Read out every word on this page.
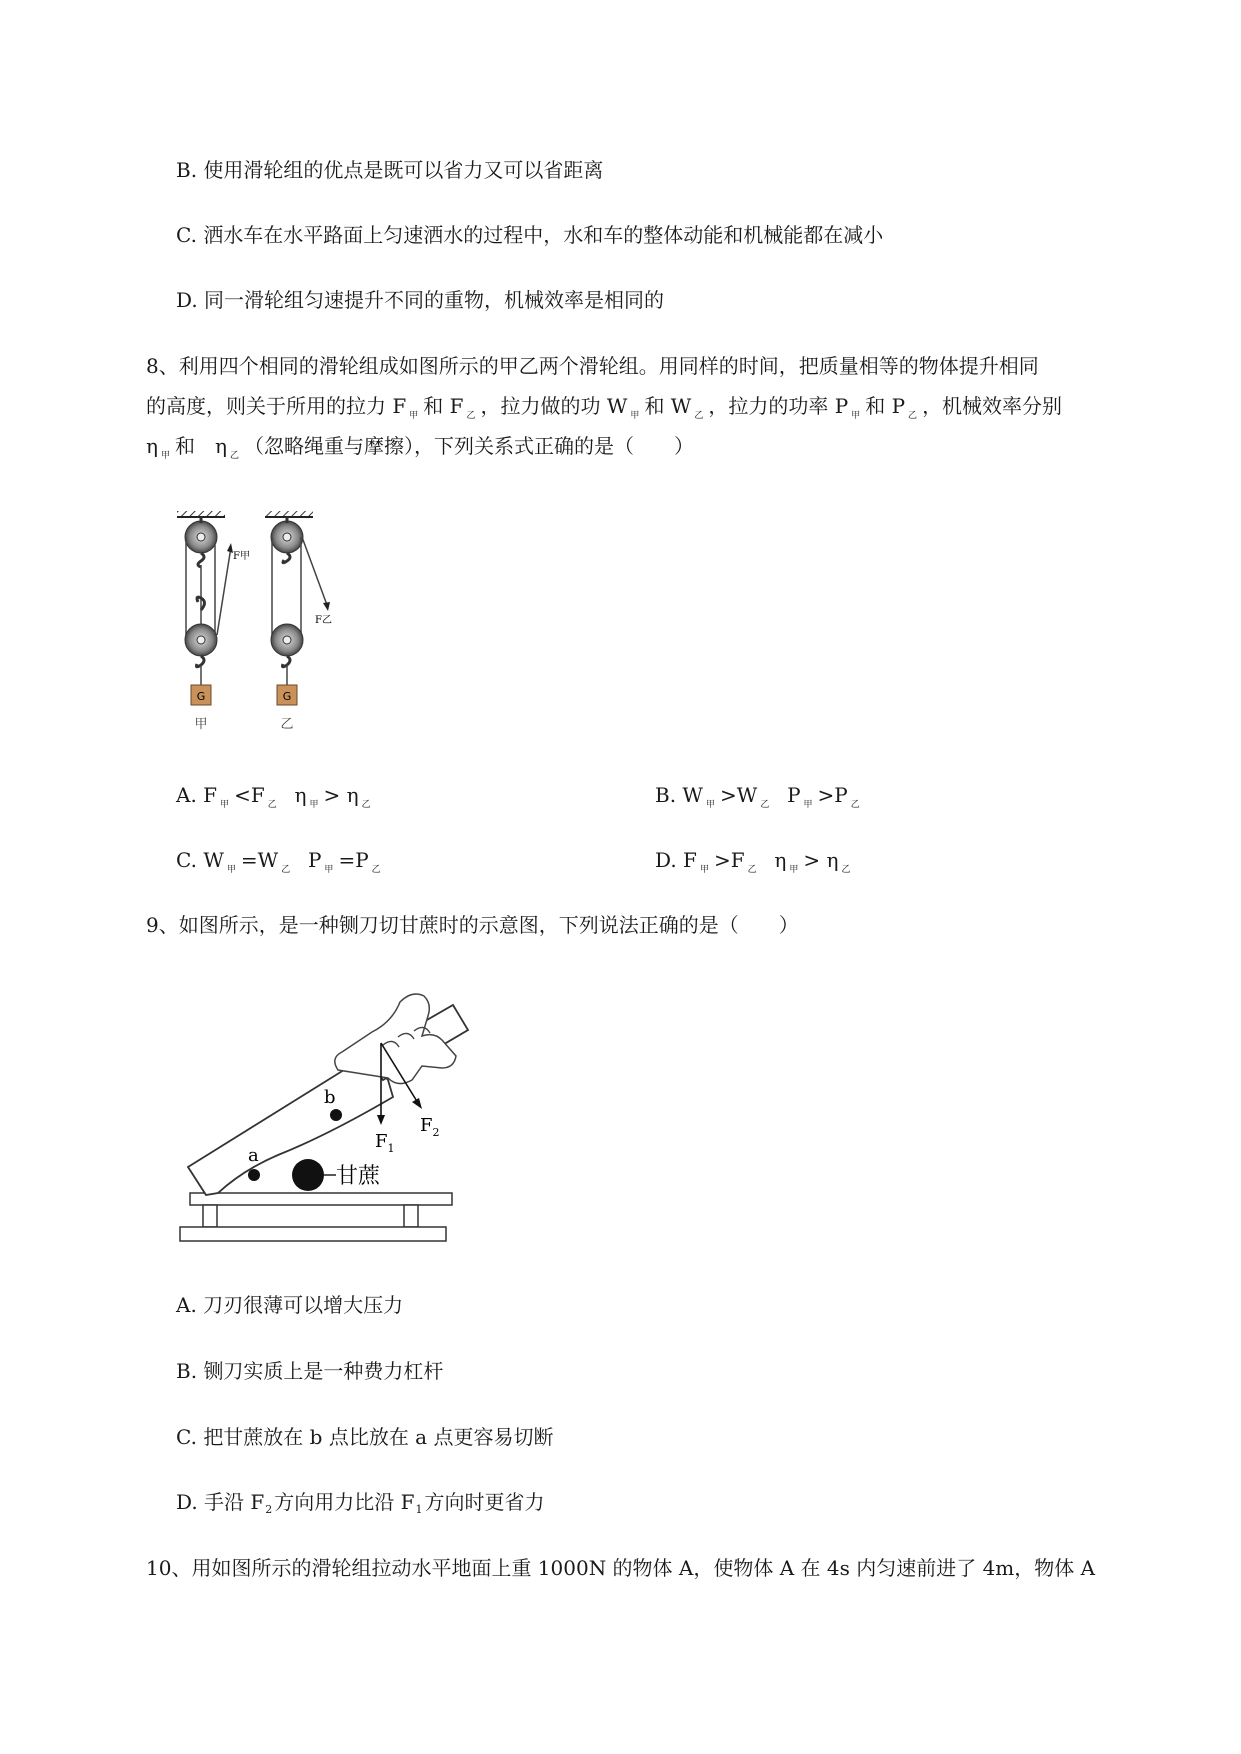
B. 使用滑轮组的优点是既可以省力又可以省距离
C. 洒水车在水平路面上匀速洒水的过程中，水和车的整体动能和机械能都在减小
D. 同一滑轮组匀速提升不同的重物，机械效率是相同的
8、利用四个相同的滑轮组成如图所示的甲乙两个滑轮组。用同样的时间，把质量相等的物体提升相同
的高度，则关于所用的拉力 F $_甲$ 和 F $_乙$ ，拉力做的功 W $_甲$ 和 W $_乙$ ，拉力的功率 P $_甲$ 和 P $_乙$ ，机械效率分别
η $_甲$ 和　η $_乙$ （忽略绳重与摩擦），下列关系式正确的是（　　）
F甲
G
甲
F乙
G
乙
A. F $_甲$ <F $_乙$ η $_甲$ > η $_乙$	B. W $_甲$ >W $_乙$ P $_甲$ >P $_乙$
C. W $_甲$ =W $_乙$ P $_甲$ =P $_乙$	D. F $_甲$ >F $_乙$ η $_甲$ > η $_乙$
9、如图所示，是一种铡刀切甘蔗时的示意图，下列说法正确的是（　　）
a
b
甘蔗
$F_1$
$F_2$
A. 刀刃很薄可以增大压力
B. 铡刀实质上是一种费力杠杆
C. 把甘蔗放在 b 点比放在 a 点更容易切断
D. 手沿 $F_2$ 方向用力比沿 $F_1$ 方向时更省力
10、用如图所示的滑轮组拉动水平地面上重 1000N 的物体 A，使物体 A 在 4s 内匀速前进了 4m，物体 A
